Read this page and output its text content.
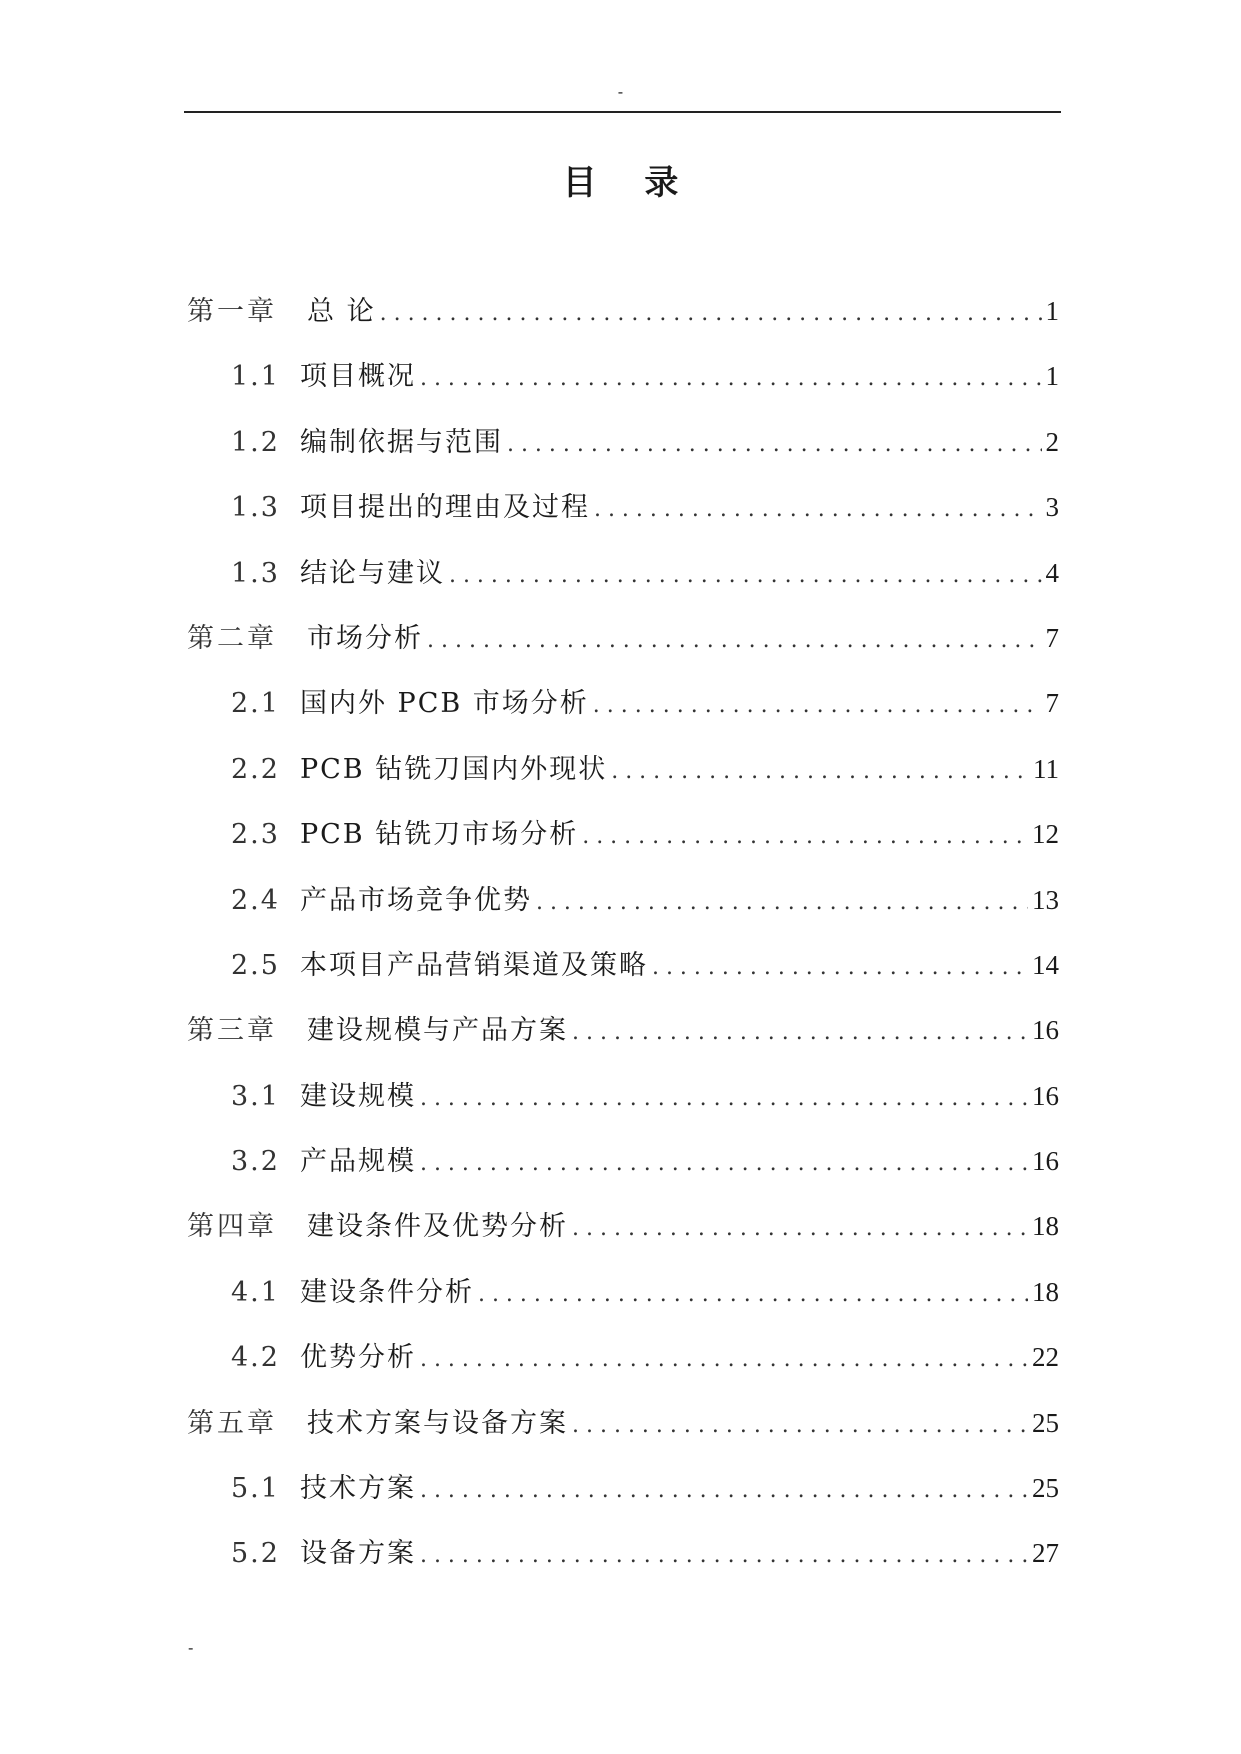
-
目 录
第一章 总 论 . . .	1
1.1 项目概况 . . .	1
1.2 编制依据与范围 . . .	2
1.3 项目提出的理由及过程 . . .	3
1.3 结论与建议 . . .	4
第二章 市场分析 . . .	7
2.1 国内外 PCB 市场分析 . . .	7
2.2 PCB 钻铣刀国内外现状 . . .	11
2.3 PCB 钻铣刀市场分析 . . .	12
2.4 产品市场竞争优势 . . .	13
2.5 本项目产品营销渠道及策略 . . .	14
第三章 建设规模与产品方案 . . .	16
3.1 建设规模 . . .	16
3.2 产品规模 . . .	16
第四章 建设条件及优势分析 . . .	18
4.1 建设条件分析 . . .	18
4.2 优势分析 . . .	22
第五章 技术方案与设备方案 . . .	25
5.1 技术方案 . . .	25
5.2 设备方案 . . .	27
-
